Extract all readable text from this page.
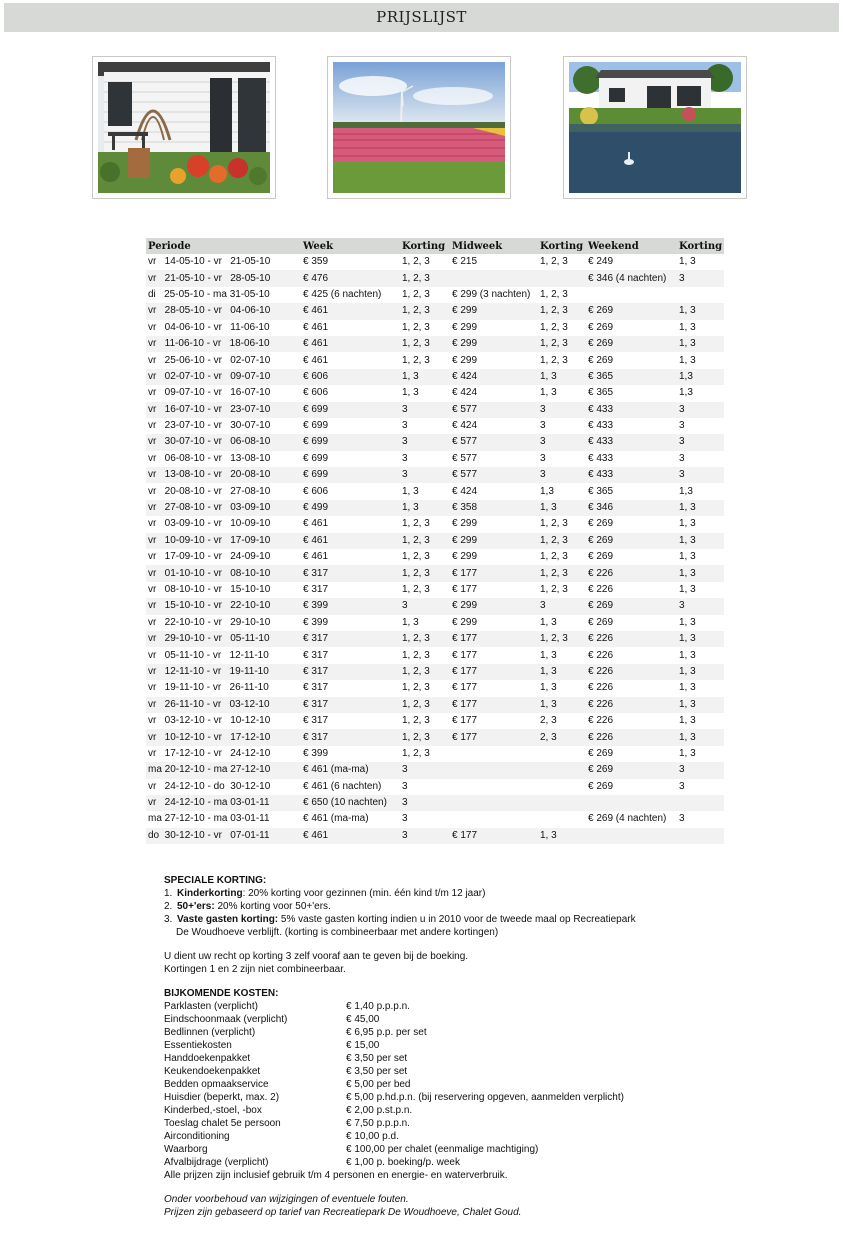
PRIJSLIJST
Periode	Week	Korting	Midweek	Korting	Weekend	Korting
vr   14-05-10 - vr   21-05-10	€ 359	1, 2, 3	€ 215	1, 2, 3	€ 249	1, 3
vr   21-05-10 - vr   28-05-10	€ 476	1, 2, 3			€ 346 (4 nachten)	3
di   25-05-10 - ma 31-05-10	€ 425 (6 nachten)	1, 2, 3	€ 299 (3 nachten)	1, 2, 3		
vr   28-05-10 - vr   04-06-10	€ 461	1, 2, 3	€ 299	1, 2, 3	€ 269	1, 3
vr   04-06-10 - vr   11-06-10	€ 461	1, 2, 3	€ 299	1, 2, 3	€ 269	1, 3
vr   11-06-10 - vr   18-06-10	€ 461	1, 2, 3	€ 299	1, 2, 3	€ 269	1, 3
vr   25-06-10 - vr   02-07-10	€ 461	1, 2, 3	€ 299	1, 2, 3	€ 269	1, 3
vr   02-07-10 - vr   09-07-10	€ 606	1, 3	€ 424	1, 3	€ 365	1,3
vr   09-07-10 - vr   16-07-10	€ 606	1, 3	€ 424	1, 3	€ 365	1,3
vr   16-07-10 - vr   23-07-10	€ 699	3	€ 577	3	€ 433	3
vr   23-07-10 - vr   30-07-10	€ 699	3	€ 424	3	€ 433	3
vr   30-07-10 - vr   06-08-10	€ 699	3	€ 577	3	€ 433	3
vr   06-08-10 - vr   13-08-10	€ 699	3	€ 577	3	€ 433	3
vr   13-08-10 - vr   20-08-10	€ 699	3	€ 577	3	€ 433	3
vr   20-08-10 - vr   27-08-10	€ 606	1, 3	€ 424	1,3	€ 365	1,3
vr   27-08-10 - vr   03-09-10	€ 499	1, 3	€ 358	1, 3	€ 346	1, 3
vr   03-09-10 - vr   10-09-10	€ 461	1, 2, 3	€ 299	1, 2, 3	€ 269	1, 3
vr   10-09-10 - vr   17-09-10	€ 461	1, 2, 3	€ 299	1, 2, 3	€ 269	1, 3
vr   17-09-10 - vr   24-09-10	€ 461	1, 2, 3	€ 299	1, 2, 3	€ 269	1, 3
vr   01-10-10 - vr   08-10-10	€ 317	1, 2, 3	€ 177	1, 2, 3	€ 226	1, 3
vr   08-10-10 - vr   15-10-10	€ 317	1, 2, 3	€ 177	1, 2, 3	€ 226	1, 3
vr   15-10-10 - vr   22-10-10	€ 399	3	€ 299	3	€ 269	3
vr   22-10-10 - vr   29-10-10	€ 399	1, 3	€ 299	1, 3	€ 269	1, 3
vr   29-10-10 - vr   05-11-10	€ 317	1, 2, 3	€ 177	1, 2, 3	€ 226	1, 3
vr   05-11-10 - vr   12-11-10	€ 317	1, 2, 3	€ 177	1, 3	€ 226	1, 3
vr   12-11-10 - vr   19-11-10	€ 317	1, 2, 3	€ 177	1, 3	€ 226	1, 3
vr   19-11-10 - vr   26-11-10	€ 317	1, 2, 3	€ 177	1, 3	€ 226	1, 3
vr   26-11-10 - vr   03-12-10	€ 317	1, 2, 3	€ 177	1, 3	€ 226	1, 3
vr   03-12-10 - vr   10-12-10	€ 317	1, 2, 3	€ 177	2, 3	€ 226	1, 3
vr   10-12-10 - vr   17-12-10	€ 317	1, 2, 3	€ 177	2, 3	€ 226	1, 3
vr   17-12-10 - vr   24-12-10	€ 399	1, 2, 3			€ 269	1, 3
ma 20-12-10 - ma 27-12-10	€ 461 (ma-ma)	3			€ 269	3
vr   24-12-10 - do  30-12-10	€ 461 (6 nachten)	3			€ 269	3
vr   24-12-10 - ma 03-01-11	€ 650 (10 nachten)	3				
ma 27-12-10 - ma 03-01-11	€ 461 (ma-ma)	3			€ 269 (4 nachten)	3
do  30-12-10 - vr   07-01-11	€ 461	3	€ 177	1, 3		

SPECIALE KORTING:

1. Kinderkorting: 20% korting voor gezinnen (min. één kind t/m 12 jaar)

2. 50+'ers: 20% korting voor 50+'ers.

3. Vaste gasten korting: 5% vaste gasten korting indien u in 2010 voor de tweede maal op Recreatiepark

De Woudhoeve verblijft. (korting is combineerbaar met andere kortingen)

U dient uw recht op korting 3 zelf vooraf aan te geven bij de boeking.

Kortingen 1 en 2 zijn niet combineerbaar.

BIJKOMENDE KOSTEN:

Parklasten (verplicht)	€ 1,40 p.p.p.n.
Eindschoonmaak (verplicht)	€ 45,00
Bedlinnen (verplicht)	€ 6,95 p.p. per set
Essentiekosten	€ 15,00
Handdoekenpakket	€ 3,50 per set
Keukendoekenpakket	€ 3,50 per set
Bedden opmaakservice	€ 5,00 per bed
Huisdier (beperkt, max. 2)	€ 5,00 p.hd.p.n. (bij reservering opgeven, aanmelden verplicht)
Kinderbed,-stoel, -box	€ 2,00 p.st.p.n.
Toeslag chalet 5e persoon	€ 7,50 p.p.p.n.
Airconditioning	€ 10,00 p.d.
Waarborg	€ 100,00 per chalet (eenmalige machtiging)
Afvalbijdrage (verplicht)	€ 1,00 p. boeking/p. week

Alle prijzen zijn inclusief gebruik t/m 4 personen en energie- en waterverbruik.

Onder voorbehoud van wijzigingen of eventuele fouten.

Prijzen zijn gebaseerd op tarief van Recreatiepark De Woudhoeve, Chalet Goud.
